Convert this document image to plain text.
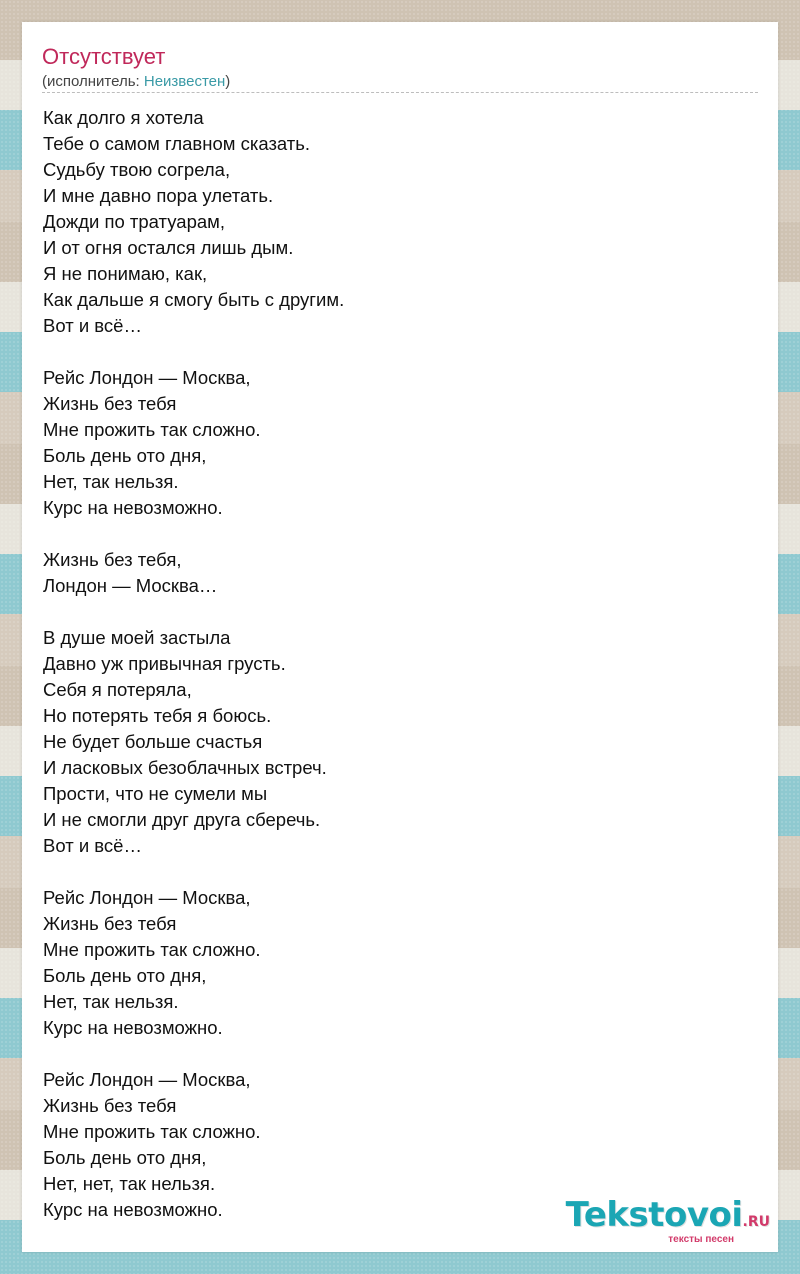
Отсутствует
(исполнитель: Неизвестен)
Как долго я хотела
Тебе о самом главном сказать.
Судьбу твою согрела,
И мне давно пора улетать.
Дожди по тратуарам,
И от огня остался лишь дым.
Я не понимаю, как,
Как дальше я смогу быть с другим.
Вот и всё…
Рейс Лондон — Москва,
Жизнь без тебя
Мне прожить так сложно.
Боль день ото дня,
Нет, так нельзя.
Курс на невозможно.
Жизнь без тебя,
Лондон — Москва…
В душе моей застыла
Давно уж привычная грусть.
Себя я потеряла,
Но потерять тебя я боюсь.
Не будет больше счастья
И ласковых безоблачных встреч.
Прости, что не сумели мы
И не смогли друг друга сберечь.
Вот и всё…
Рейс Лондон — Москва,
Жизнь без тебя
Мне прожить так сложно.
Боль день ото дня,
Нет, так нельзя.
Курс на невозможно.
Рейс Лондон — Москва,
Жизнь без тебя
Мне прожить так сложно.
Боль день ото дня,
Нет, нет, так нельзя.
Курс на невозможно.	Tekstovoi.RU
тексты песен
